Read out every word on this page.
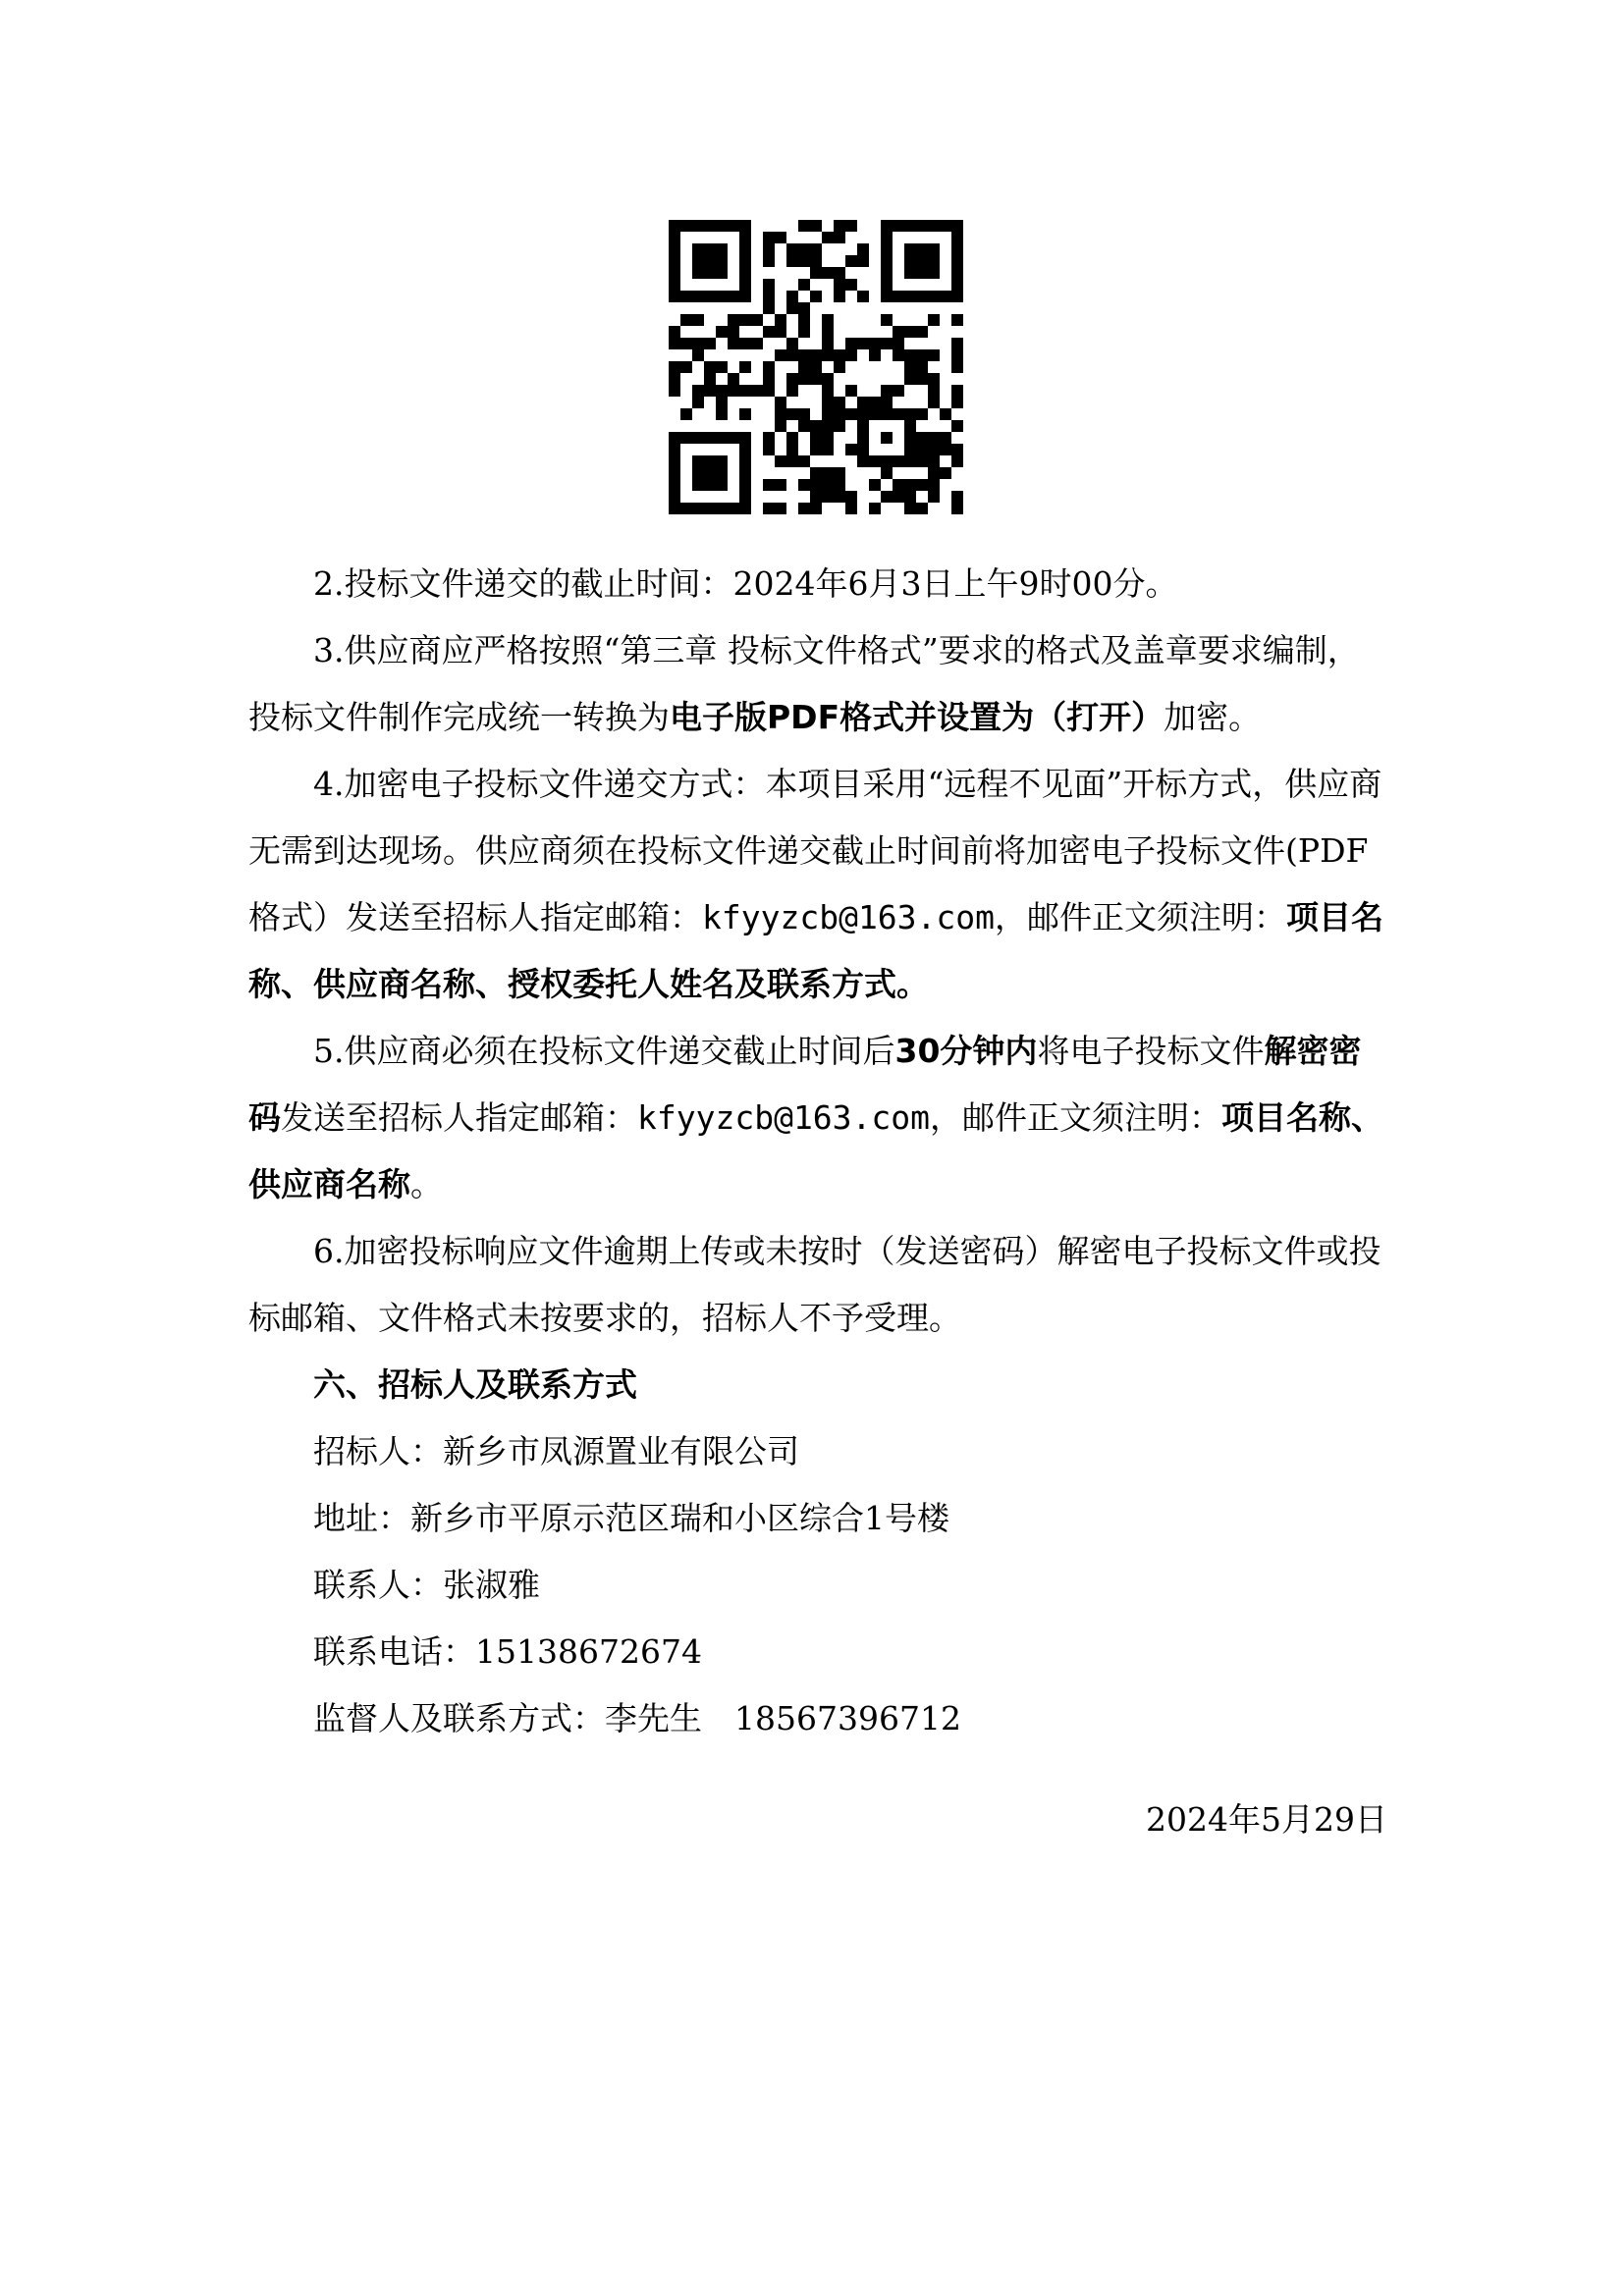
2.投标文件递交的截止时间：2024年6月3日上午9时00分。

3.供应商应严格按照“第三章 投标文件格式”要求的格式及盖章要求编制，投标文件制作完成统一转换为电子版PDF格式并设置为（打开）加密。

4.加密电子投标文件递交方式：本项目采用“远程不见面”开标方式，供应商无需到达现场。供应商须在投标文件递交截止时间前将加密电子投标文件(PDF格式）发送至招标人指定邮箱：kfyyzcb@163.com，邮件正文须注明：项目名称、供应商名称、授权委托人姓名及联系方式。

5.供应商必须在投标文件递交截止时间后30分钟内将电子投标文件解密密码发送至招标人指定邮箱：kfyyzcb@163.com，邮件正文须注明：项目名称、供应商名称。

6.加密投标响应文件逾期上传或未按时（发送密码）解密电子投标文件或投标邮箱、文件格式未按要求的，招标人不予受理。

六、招标人及联系方式

招标人：新乡市凤源置业有限公司

地址：新乡市平原示范区瑞和小区综合1号楼

联系人：张淑雅

联系电话：15138672674

监督人及联系方式：李先生　18567396712

2024年5月29日
